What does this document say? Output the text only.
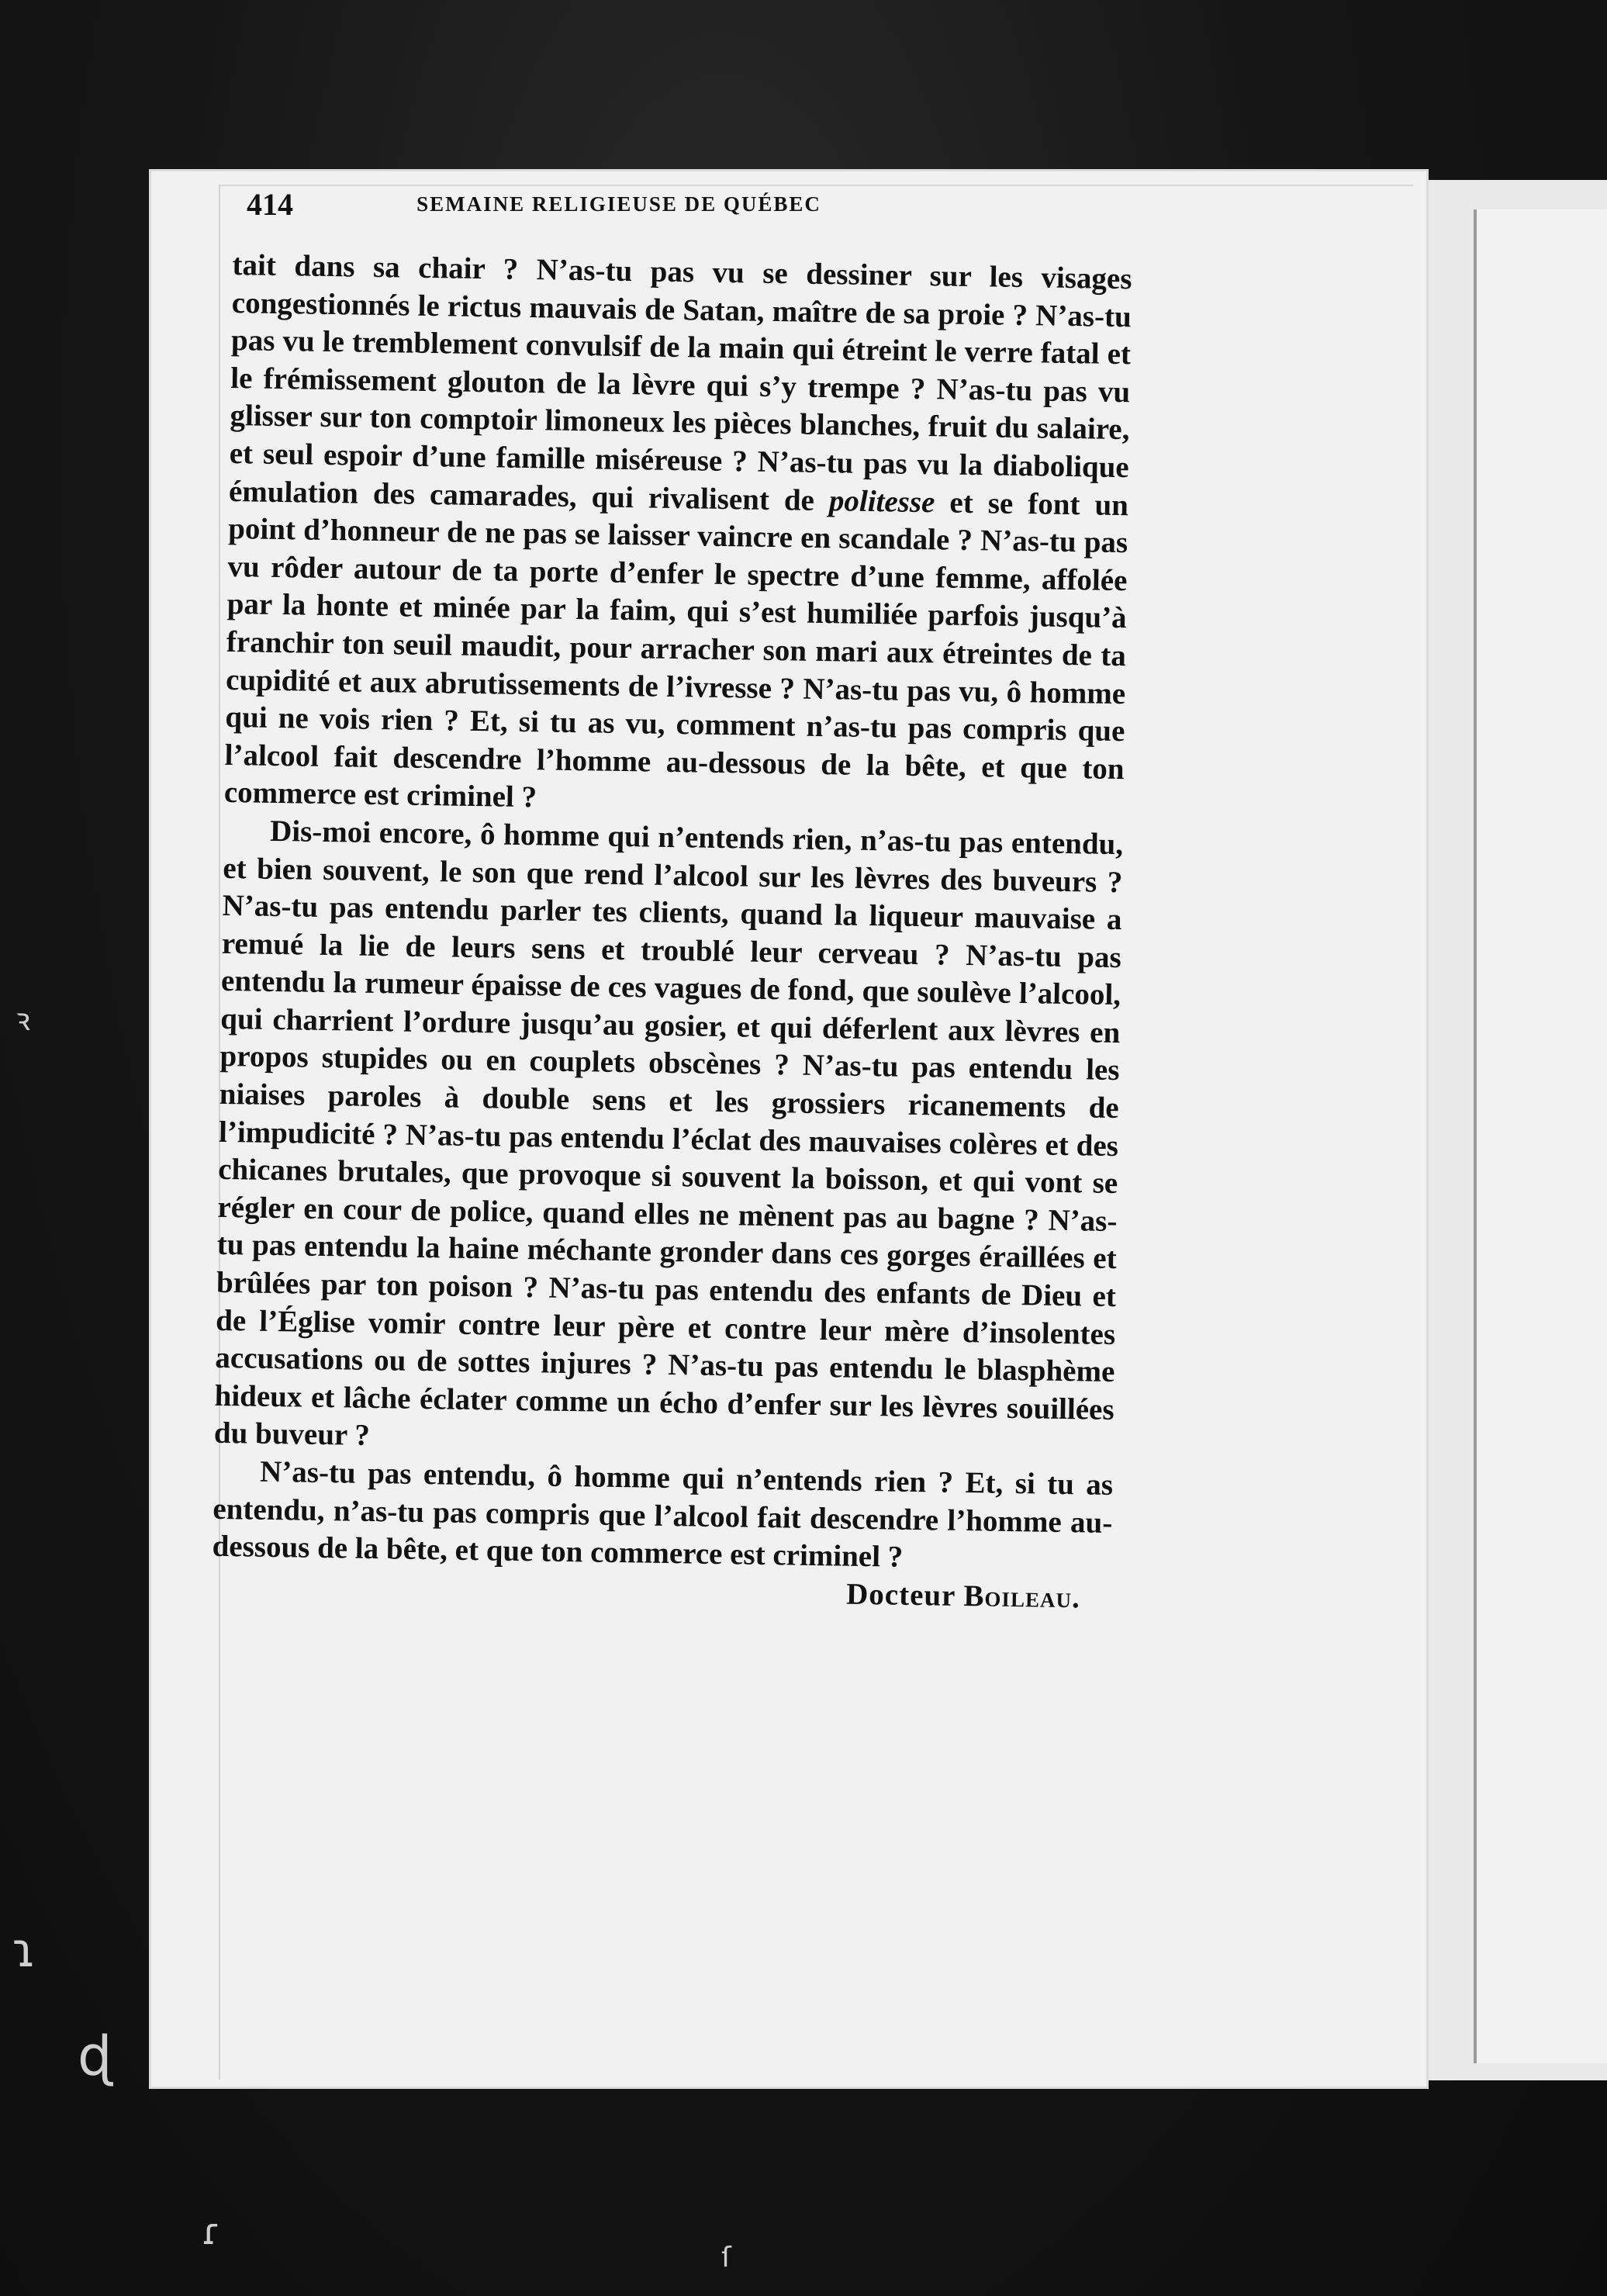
414	SEMAINE RELIGIEUSE DE QUÉBEC

tait dans sa chair ? N’as-tu pas vu se dessiner sur les visages congestionnés le rictus mauvais de Satan, maître de sa proie ? N’as-tu pas vu le tremblement convulsif de la main qui étreint le verre fatal et le frémissement glouton de la lèvre qui s’y trempe ? N’as-tu pas vu glisser sur ton comptoir limoneux les pièces blanches, fruit du salaire, et seul espoir d’une famille miséreuse ? N’as-tu pas vu la diabolique émulation des camarades, qui rivalisent de politesse et se font un point d’honneur de ne pas se laisser vaincre en scandale ? N’as-tu pas vu rôder autour de ta porte d’enfer le spectre d’une femme, affolée par la honte et minée par la faim, qui s’est humiliée parfois jusqu’à franchir ton seuil maudit, pour arracher son mari aux étreintes de ta cupidité et aux abrutissements de l’ivresse ? N’as-tu pas vu, ô homme qui ne vois rien ? Et, si tu as vu, comment n’as-tu pas compris que l’alcool fait descendre l’homme au-dessous de la bête, et que ton commerce est criminel ?

Dis-moi encore, ô homme qui n’entends rien, n’as-tu pas entendu, et bien souvent, le son que rend l’alcool sur les lèvres des buveurs ? N’as-tu pas entendu parler tes clients, quand la liqueur mauvaise a remué la lie de leurs sens et troublé leur cerveau ? N’as-tu pas entendu la rumeur épaisse de ces vagues de fond, que soulève l’alcool, qui charrient l’ordure jusqu’au gosier, et qui déferlent aux lèvres en propos stupides ou en couplets obscènes ? N’as-tu pas entendu les niaises paroles à double sens et les grossiers ricanements de l’impudicité ? N’as-tu pas entendu l’éclat des mauvaises colères et des chicanes brutales, que provoque si souvent la boisson, et qui vont se régler en cour de police, quand elles ne mènent pas au bagne ? N’as-tu pas entendu la haine méchante gronder dans ces gorges éraillées et brûlées par ton poison ? N’as-tu pas entendu des enfants de Dieu et de l’Église vomir contre leur père et contre leur mère d’insolentes accusations ou de sottes injures ? N’as-tu pas entendu le blasphème hideux et lâche éclater comme un écho d’enfer sur les lèvres souillées du buveur ?

N’as-tu pas entendu, ô homme qui n’entends rien ? Et, si tu as entendu, n’as-tu pas compris que l’alcool fait descendre l’homme au-dessous de la bête, et que ton commerce est criminel ?

Docteur Boileau.

ꝛ
ɿ
ɖ
ɾ
ſ
